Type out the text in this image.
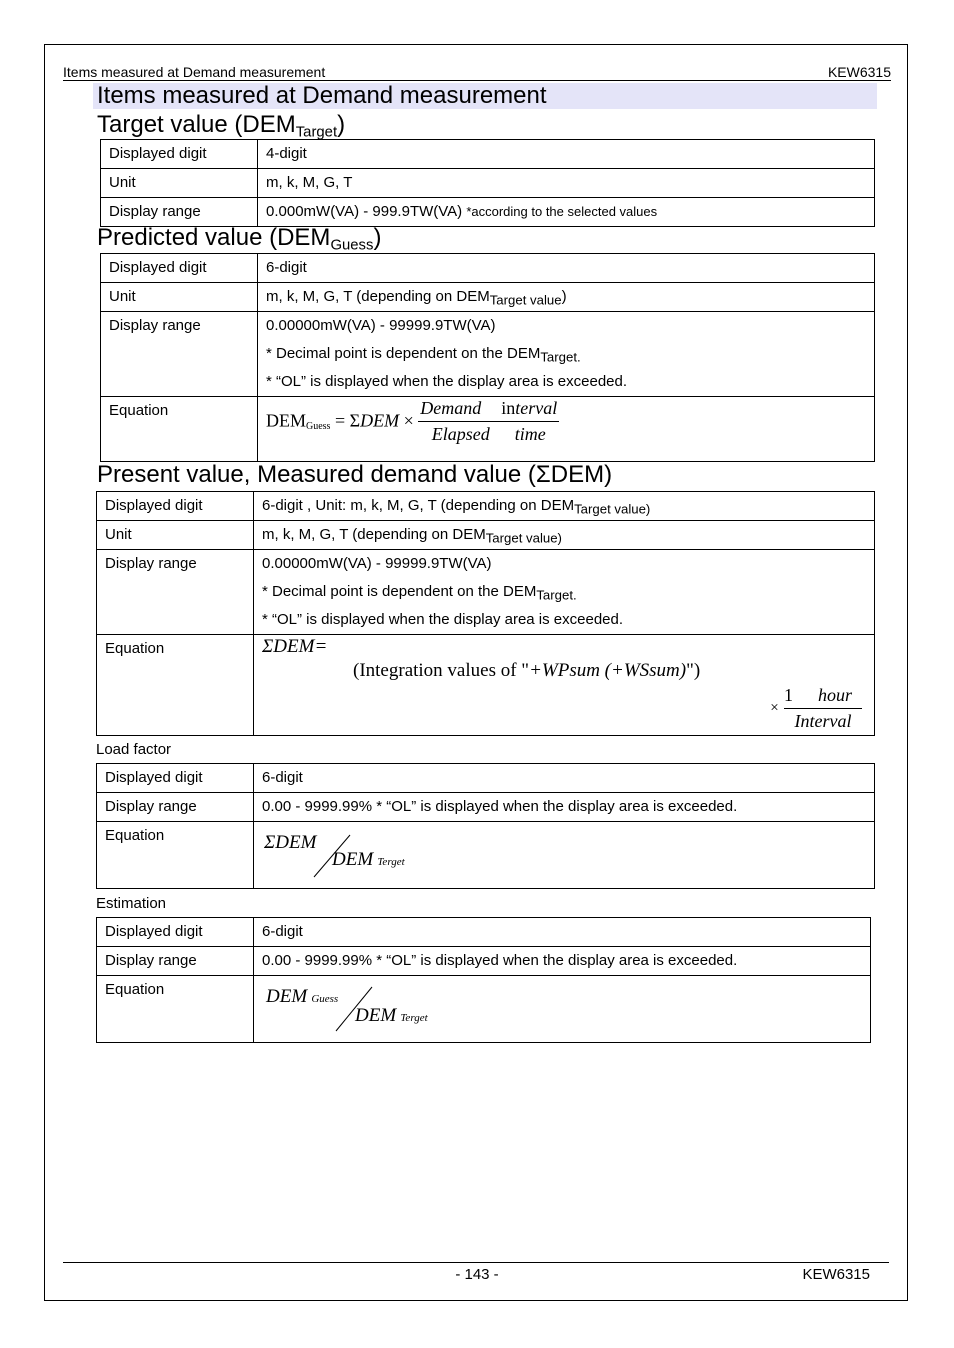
Items measured at Demand measurement	KEW6315
Items measured at Demand measurement
Target value $(DEM_{Target})$
Displayed digit	4-digit

Unit	m, k, M, G, T

Display range	0.000mW(VA) - 999.9TW(VA) *according to the selected values
Predicted value $(DEM_{Guess})$
Displayed digit	6-digit

Unit	m, k, M, G, T (depending on $DEM_{Target value}$)

Display range	0.00000mW(VA) - 99999.9TW(VA)
* Decimal point is dependent on the $DEM_{Target.}$
* “OL” is displayed when the display area is exceeded.

Equation	$DEM_{Guess} = \Sigma DEM \times \frac{\text{Demand interval}}{\text{Elapsed time}}$
Present value, Measured demand value (ΣDEM)
Displayed digit	6-digit , Unit: m, k, M, G, T (depending on $DEM_{Target value)}$

Unit	m, k, M, G, T (depending on $DEM_{Target value)}$

Display range	0.00000mW(VA) - 99999.9TW(VA)
* Decimal point is dependent on the $DEM_{Target.}$
* “OL” is displayed when the display area is exceeded.

Equation	ΣDEM=
(Integration values of "+WPsum (+WSsum)")
× $\frac{\text{1 hour}}{\text{Interval}}$
Load factor
Displayed digit	6-digit

Display range	0.00 - 9999.99% * “OL” is displayed when the display area is exceeded.

Equation	ΣDEM
DEM Terget
Estimation
Displayed digit	6-digit

Display range	0.00 - 9999.99% * “OL” is displayed when the display area is exceeded.

Equation	DEM Guess
DEM Terget
- 143 -	KEW6315
